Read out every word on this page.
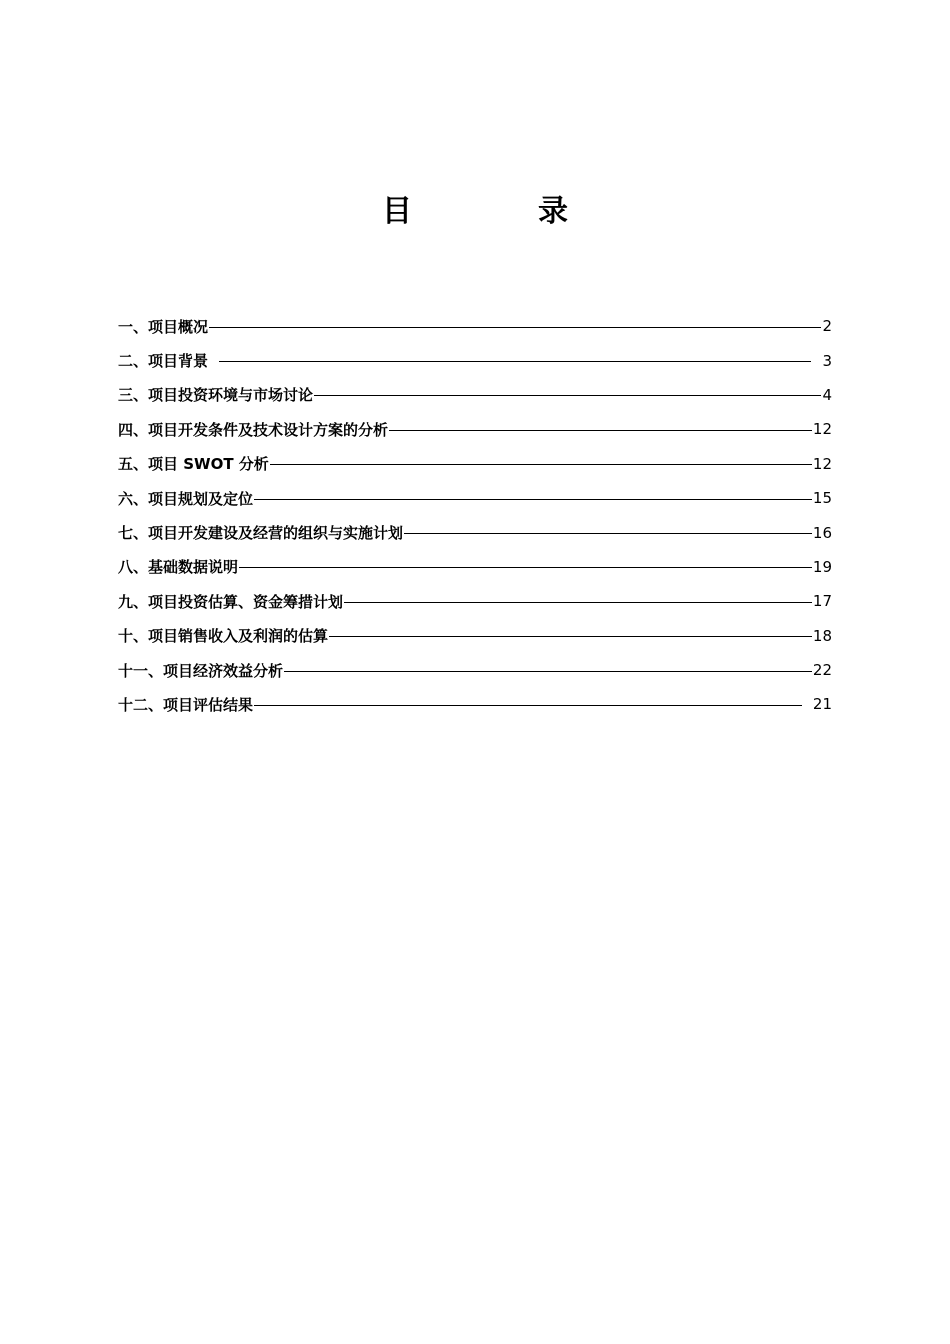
目　录
一、项目概况	2
二、项目背景	3
三、项目投资环境与市场讨论	4
四、项目开发条件及技术设计方案的分析	12
五、项目 SWOT 分析	12
六、项目规划及定位	15
七、项目开发建设及经营的组织与实施计划	16
八、基础数据说明	19
九、项目投资估算、资金筹措计划	17
十、项目销售收入及利润的估算	18
十一、项目经济效益分析	22
十二、项目评估结果	21
